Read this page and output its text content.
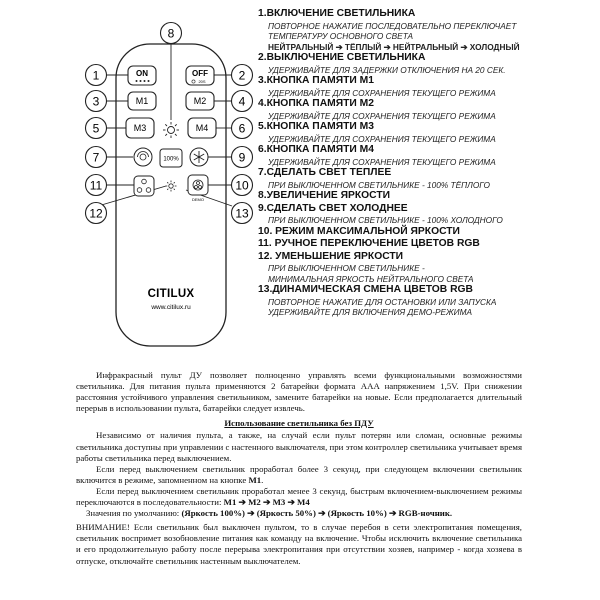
ON	OFF
20S
M1	M2
M3	M4
100%
DEMO
CITILUX
www.citilux.ru
1	2
3	4
5	6
7
8
9
10
11
12	13
1.ВКЛЮЧЕНИЕ СВЕТИЛЬНИКА
ПОВТОРНОЕ НАЖАТИЕ ПОСЛЕДОВАТЕЛЬНО ПЕРЕКЛЮЧАЕТ
ТЕМПЕРАТУРУ ОСНОВНОГО СВЕТА
НЕЙТРАЛЬНЫЙ ➔ ТЁПЛЫЙ ➔ НЕЙТРАЛЬНЫЙ ➔ ХОЛОДНЫЙ
2.ВЫКЛЮЧЕНИЕ СВЕТИЛЬНИКА
УДЕРЖИВАЙТЕ ДЛЯ ЗАДЕРЖКИ ОТКЛЮЧЕНИЯ НА 20 СЕК.
3.КНОПКА ПАМЯТИ M1
УДЕРЖИВАЙТЕ ДЛЯ СОХРАНЕНИЯ ТЕКУЩЕГО РЕЖИМА
4.КНОПКА ПАМЯТИ M2
УДЕРЖИВАЙТЕ ДЛЯ СОХРАНЕНИЯ ТЕКУЩЕГО РЕЖИМА
5.КНОПКА ПАМЯТИ M3
УДЕРЖИВАЙТЕ ДЛЯ СОХРАНЕНИЯ ТЕКУЩЕГО РЕЖИМА
6.КНОПКА ПАМЯТИ M4
УДЕРЖИВАЙТЕ ДЛЯ СОХРАНЕНИЯ ТЕКУЩЕГО РЕЖИМА
7.СДЕЛАТЬ СВЕТ ТЕПЛЕЕ
ПРИ ВЫКЛЮЧЕННОМ СВЕТИЛЬНИКЕ - 100% ТЁПЛОГО
8.УВЕЛИЧЕНИЕ ЯРКОСТИ
9.СДЕЛАТЬ СВЕТ ХОЛОДНЕЕ
ПРИ ВЫКЛЮЧЕННОМ СВЕТИЛЬНИКЕ - 100% ХОЛОДНОГО
10. РЕЖИМ МАКСИМАЛЬНОЙ ЯРКОСТИ
11. РУЧНОЕ ПЕРЕКЛЮЧЕНИЕ ЦВЕТОВ RGB
12. УМЕНЬШЕНИЕ ЯРКОСТИ
ПРИ ВЫКЛЮЧЕННОМ СВЕТИЛЬНИКЕ -
МИНИМАЛЬНАЯ ЯРКОСТЬ НЕЙТРАЛЬНОГО СВЕТА
13.ДИНАМИЧЕСКАЯ СМЕНА ЦВЕТОВ RGB
ПОВТОРНОЕ НАЖАТИЕ ДЛЯ ОСТАНОВКИ ИЛИ ЗАПУСКА
УДЕРЖИВАЙТЕ ДЛЯ ВКЛЮЧЕНИЯ ДЕМО-РЕЖИМА

Инфракрасный пульт ДУ позволяет полноценно управлять всеми функциональными возможностями светильника. Для питания пульта применяются 2 батарейки формата AAA напряжением 1,5V. При снижении расстояния устойчивого управления светильником, замените батарейки на новые. Если предполагается длительный перерыв в использовании пульта, батарейки следует извлечь.

Использование светильника без ПДУ

Независимо от наличия пульта, а также, на случай если пульт потерян или сломан, основные режимы светильника доступны при управлении с настенного выключателя, при этом контроллер светильника учитывает время работы светильника перед выключением.

Если перед выключением светильник проработал более 3 секунд, при следующем включении светильник включится в режиме, запомненном на кнопке M1.

Если перед выключением светильник проработал менее 3 секунд, быстрым включением-выключением режимы переключаются в последовательности: M1 ➔ M2 ➔ M3 ➔ M4

Значения по умолчанию: (Яркость 100%) ➔ (Яркость 50%) ➔ (Яркость 10%) ➔ RGB-ночник.

ВНИМАНИЕ! Если светильник был выключен пультом, то в случае перебоя в сети электропитания помещения, светильник воспримет возобновление питания как команду на включение. Чтобы исключить включение светильника и его продолжительную работу после перерыва электропитания при отсутствии хозяев, например - когда хозяева в отпуске, отключайте светильник настенным выключателем.
